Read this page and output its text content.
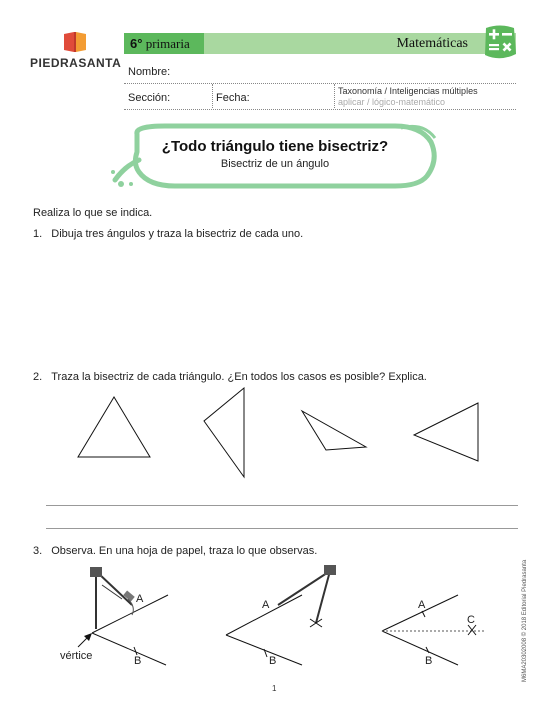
PIEDRASANTA
6° primaria	Matemáticas
Nombre:
Sección:	Fecha:
Taxonomía / Inteligencias múltiples
aplicar / lógico-matemático
¿Todo triángulo tiene bisectriz?
Bisectriz de un ángulo
Realiza lo que se indica.
1. Dibuja tres ángulos y traza la bisectriz de cada uno.
2. Traza la bisectriz de cada triángulo. ¿En todos los casos es posible? Explica.
3. Observa. En una hoja de papel, traza lo que observas.
A
B
vértice
A
B
A
C
B	M6MA20302008 © 2018 Editorial Piedrasanta
1
